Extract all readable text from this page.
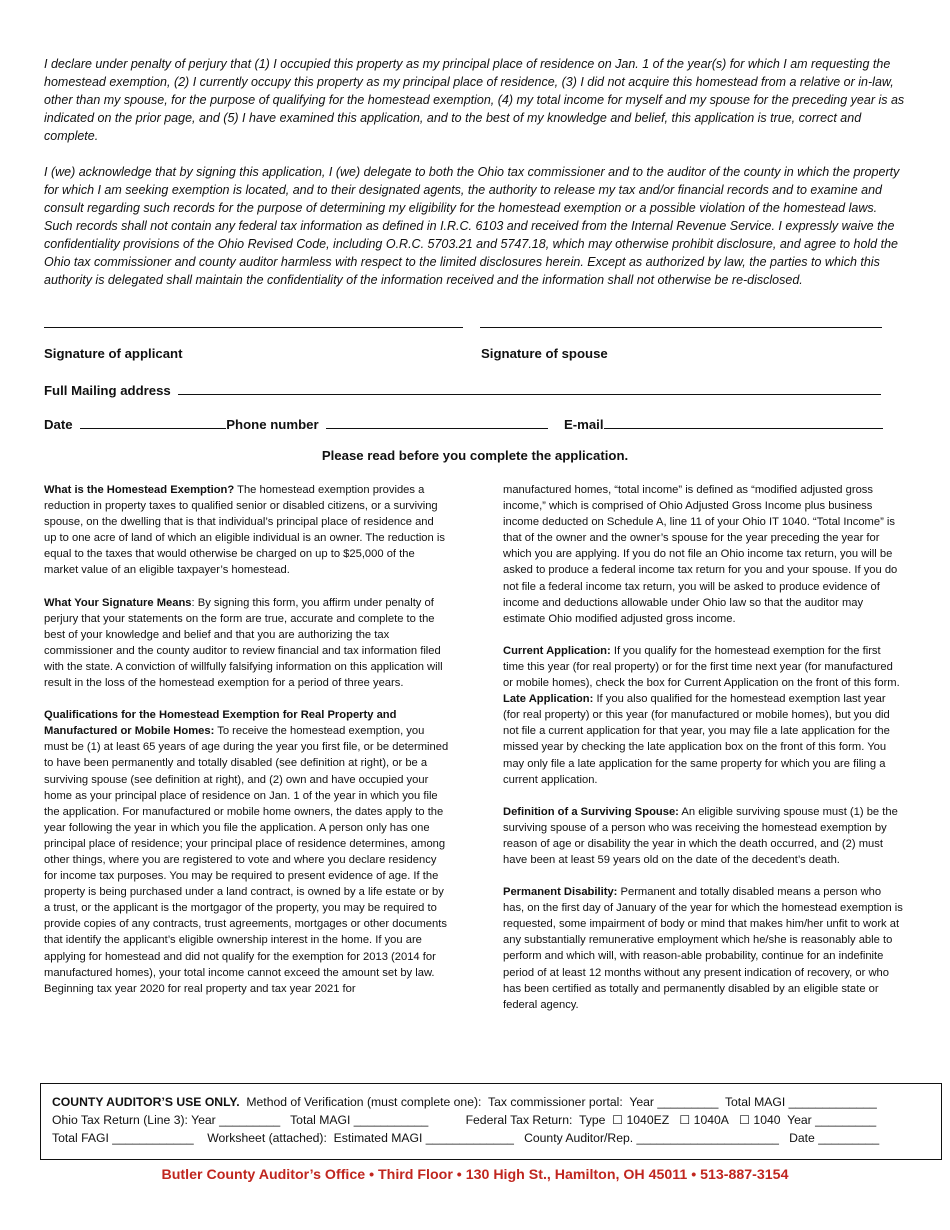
I declare under penalty of perjury that (1) I occupied this property as my principal place of residence on Jan. 1 of the year(s) for which I am requesting the homestead exemption, (2) I currently occupy this property as my principal place of residence, (3) I did not acquire this homestead from a relative or in-law, other than my spouse, for the purpose of qualifying for the homestead exemption, (4) my total income for myself and my spouse for the preceding year is as indicated on the prior page, and (5) I have examined this application, and to the best of my knowledge and belief, this application is true, correct and complete.

I (we) acknowledge that by signing this application, I (we) delegate to both the Ohio tax commissioner and to the auditor of the county in which the property for which I am seeking exemption is located, and to their designated agents, the authority to release my tax and/or financial records and to examine and consult regarding such records for the purpose of determining my eligibility for the homestead exemption or a possible violation of the homestead laws. Such records shall not contain any federal tax information as defined in I.R.C. 6103 and received from the Internal Revenue Service. I expressly waive the confidentiality provisions of the Ohio Revised Code, including O.R.C. 5703.21 and 5747.18, which may otherwise prohibit disclosure, and agree to hold the Ohio tax commissioner and county auditor harmless with respect to the limited disclosures herein. Except as authorized by law, the parties to which this authority is delegated shall maintain the confidentiality of the information received and the information shall not otherwise be re-disclosed.

Signature of applicant	Signature of spouse
Full Mailing address
Date	Phone number	E-mail
Please read before you complete the application.

What is the Homestead Exemption? The homestead exemption provides a reduction in property taxes to qualified senior or disabled citizens, or a surviving spouse, on the dwelling that is that individual’s principal place of residence and up to one acre of land of which an eligible individual is an owner. The reduction is equal to the taxes that would otherwise be charged on up to $25,000 of the market value of an eligible taxpayer’s homestead.

What Your Signature Means: By signing this form, you affirm under penalty of perjury that your statements on the form are true, accurate and complete to the best of your knowledge and belief and that you are authorizing the tax commissioner and the county auditor to review financial and tax information filed with the state. A conviction of willfully falsifying information on this application will result in the loss of the homestead exemption for a period of three years.

Qualifications for the Homestead Exemption for Real Property and Manufactured or Mobile Homes: To receive the homestead exemption, you must be (1) at least 65 years of age during the year you first file, or be determined to have been permanently and totally disabled (see definition at right), or be a surviving spouse (see definition at right), and (2) own and have occupied your home as your principal place of residence on Jan. 1 of the year in which you file the application. For manufactured or mobile home owners, the dates apply to the year following the year in which you file the application. A person only has one principal place of residence; your principal place of residence determines, among other things, where you are registered to vote and where you declare residency for income tax purposes. You may be required to present evidence of age. If the property is being purchased under a land contract, is owned by a life estate or by a trust, or the applicant is the mortgagor of the property, you may be required to provide copies of any contracts, trust agreements, mortgages or other documents that identify the applicant’s eligible ownership interest in the home. If you are applying for homestead and did not qualify for the exemption for 2013 (2014 for manufactured homes), your total income cannot exceed the amount set by law. Beginning tax year 2020 for real property and tax year 2021 for

manufactured homes, “total income” is defined as “modified adjusted gross income,” which is comprised of Ohio Adjusted Gross Income plus business income deducted on Schedule A, line 11 of your Ohio IT 1040. “Total Income” is that of the owner and the owner’s spouse for the year preceding the year for which you are applying. If you do not file an Ohio income tax return, you will be asked to produce a federal income tax return for you and your spouse. If you do not file a federal income tax return, you will be asked to produce evidence of income and deductions allowable under Ohio law so that the auditor may estimate Ohio modified adjusted gross income.

Current Application: If you qualify for the homestead exemption for the first time this year (for real property) or for the first time next year (for manufactured or mobile homes), check the box for Current Application on the front of this form.

Late Application: If you also qualified for the homestead exemption last year (for real property) or this year (for manufactured or mobile homes), but you did not file a current application for that year, you may file a late application for the missed year by checking the late application box on the front of this form. You may only file a late application for the same property for which you are filing a current application.

Definition of a Surviving Spouse: An eligible surviving spouse must (1) be the surviving spouse of a person who was receiving the homestead exemption by reason of age or disability the year in which the death occurred, and (2) must have been at least 59 years old on the date of the decedent’s death.

Permanent Disability: Permanent and totally disabled means a person who has, on the first day of January of the year for which the homestead exemption is requested, some impairment of body or mind that makes him/her unfit to work at any substantially remunerative employment which he/she is reasonably able to perform and which will, with reason-able probability, continue for an indefinite period of at least 12 months without any present indication of recovery, or who has been certified as totally and permanently disabled by an eligible state or federal agency.

COUNTY AUDITOR’S USE ONLY. Method of Verification (must complete one): Tax commissioner portal: Year _________ Total MAGI _____________
Ohio Tax Return (Line 3): Year _________ Total MAGI ___________	Federal Tax Return: Type ☐ 1040EZ ☐ 1040A ☐ 1040 Year _________
Total FAGI ____________ Worksheet (attached): Estimated MAGI _____________ County Auditor/Rep. _____________________ Date _________
Butler County Auditor’s Office • Third Floor • 130 High St., Hamilton, OH 45011 • 513-887-3154
